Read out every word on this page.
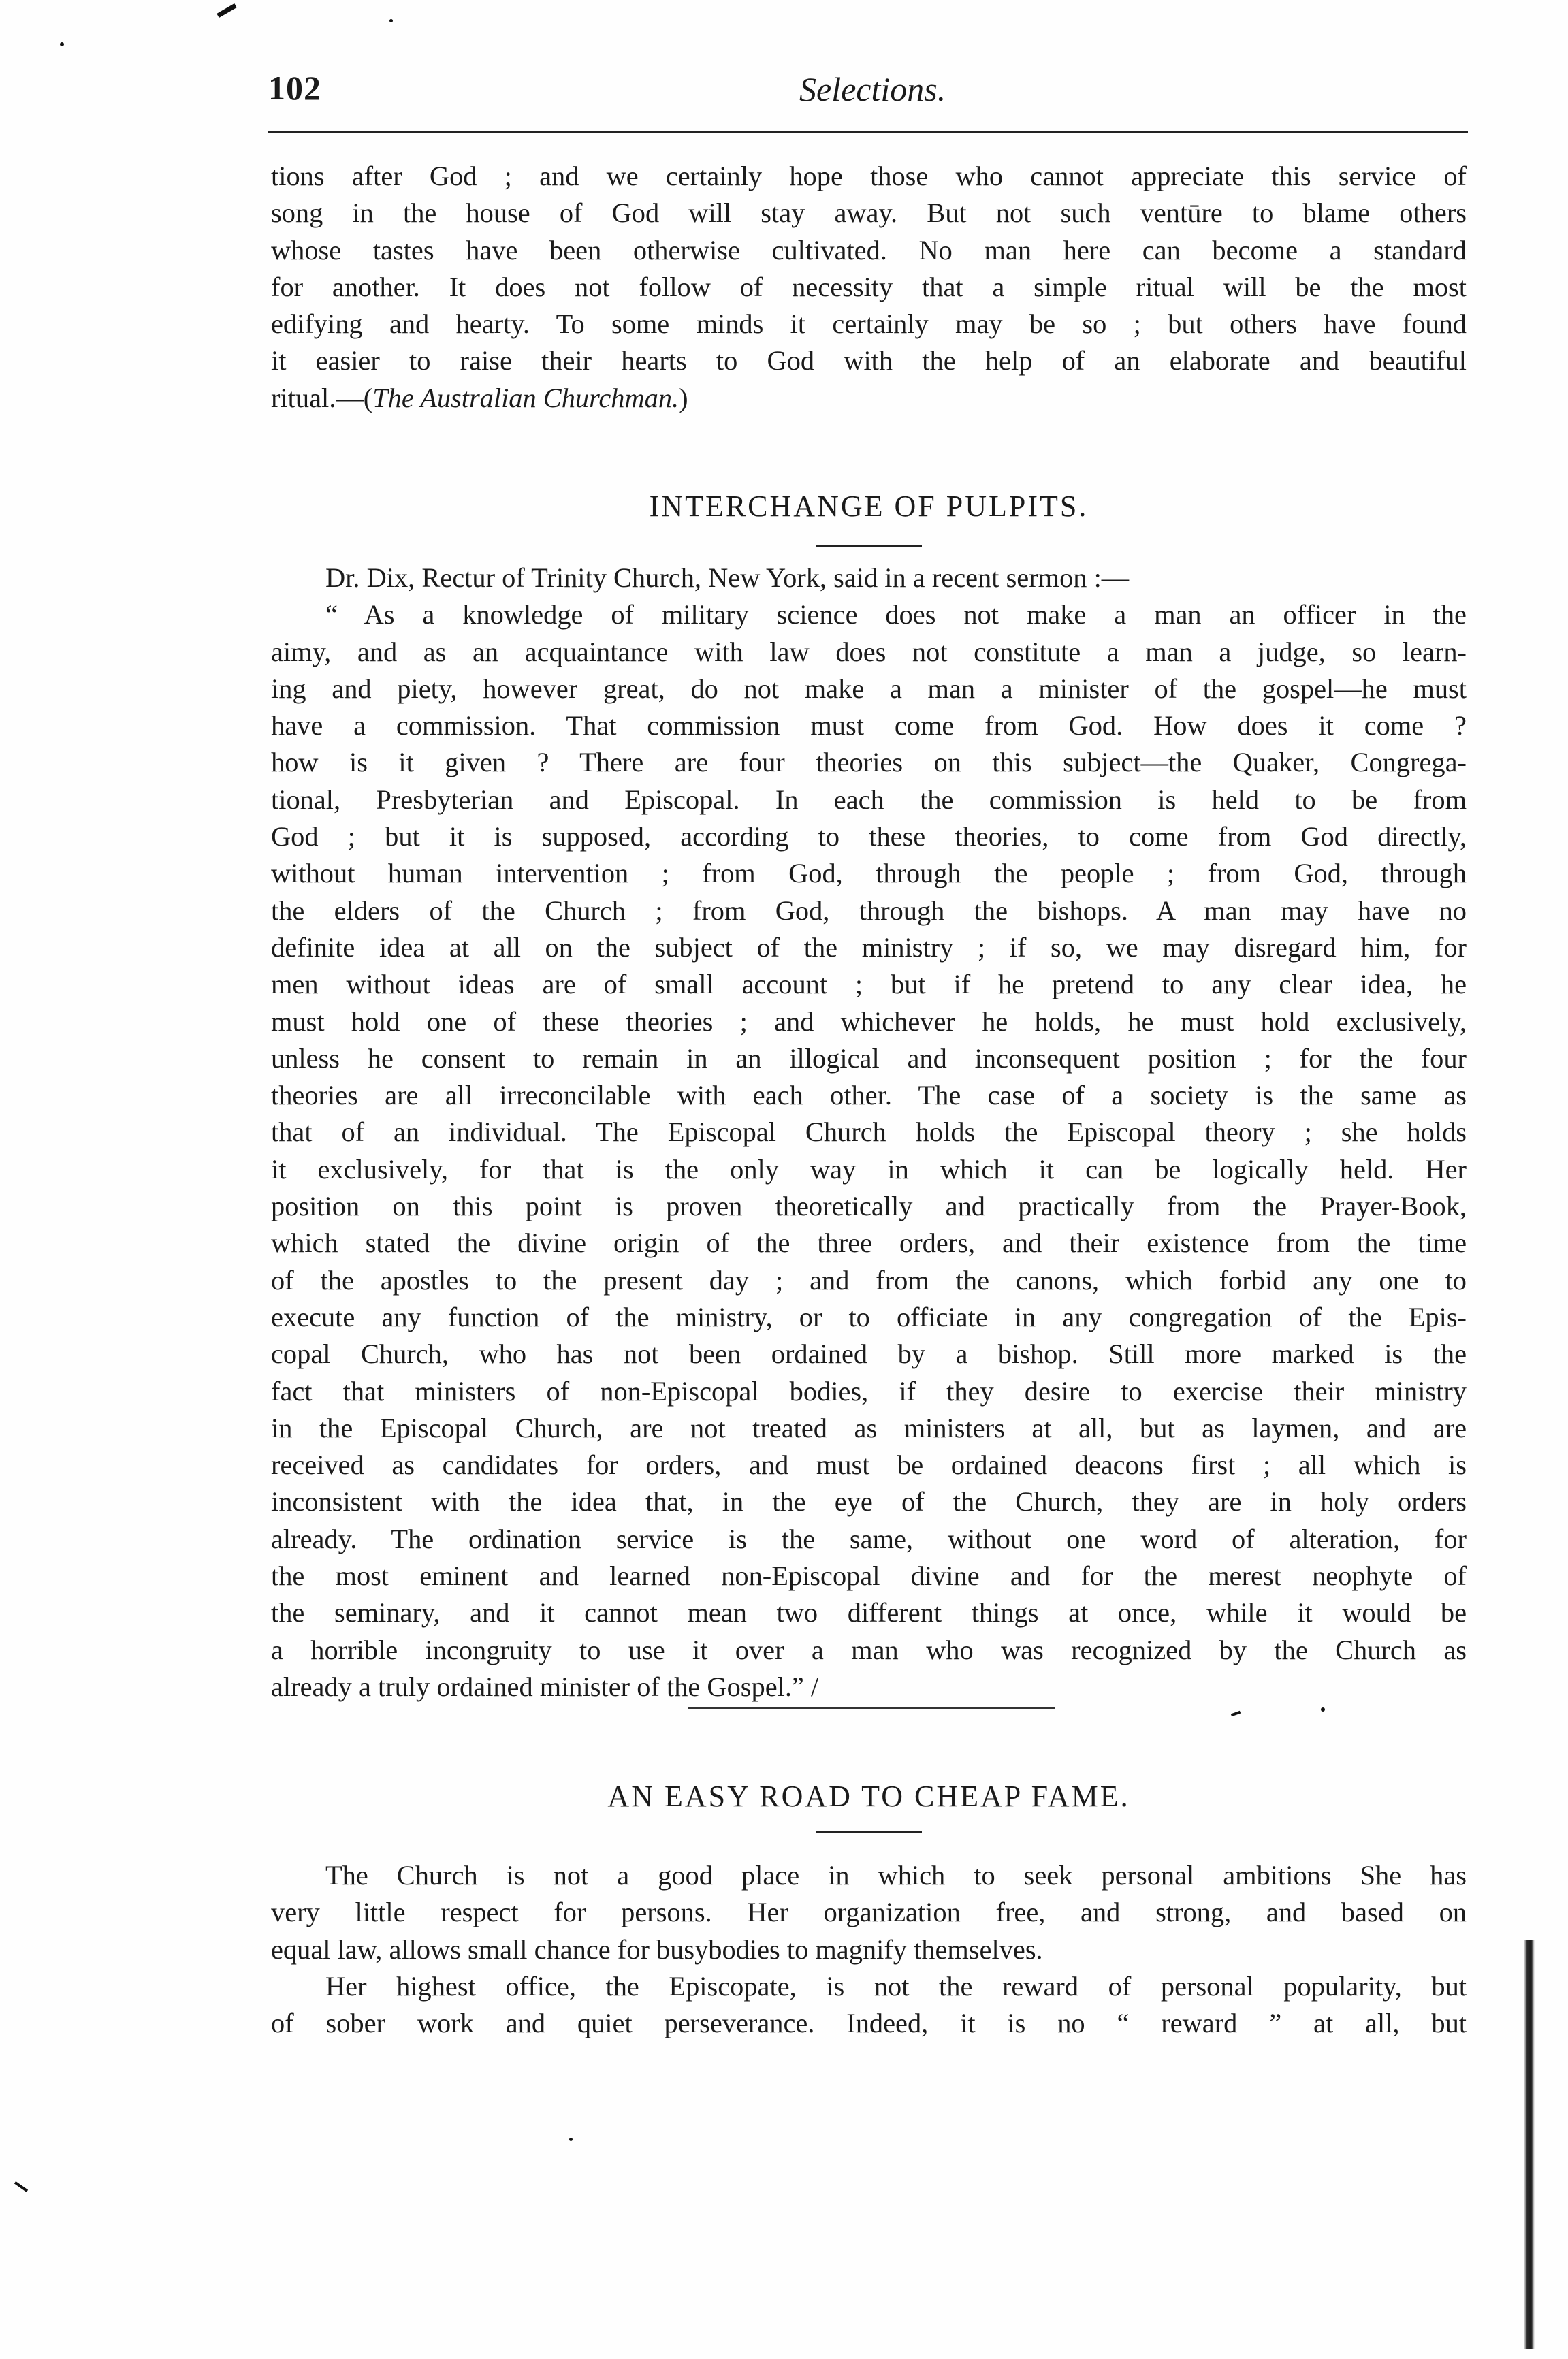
102	Selections.
tions after God ; and we certainly hope those who cannot appreciate this service of
song in the house of God will stay away. But not such ventūre to blame others
whose tastes have been otherwise cultivated. No man here can become a standard
for another. It does not follow of necessity that a simple ritual will be the most
edifying and hearty. To some minds it certainly may be so ; but others have found
it easier to raise their hearts to God with the help of an elaborate and beautiful
ritual.—(The Australian Churchman.)
INTERCHANGE OF PULPITS.
Dr. Dix, Rectur of Trinity Church, New York, said in a recent sermon :—
“ As a knowledge of military science does not make a man an officer in the
aimy, and as an acquaintance with law does not constitute a man a judge, so learn-
ing and piety, however great, do not make a man a minister of the gospel—he must
have a commission. That commission must come from God. How does it come ?
how is it given ? There are four theories on this subject—the Quaker, Congrega-
tional, Presbyterian and Episcopal. In each the commission is held to be from
God ; but it is supposed, according to these theories, to come from God directly,
without human intervention ; from God, through the people ; from God, through
the elders of the Church ; from God, through the bishops. A man may have no
definite idea at all on the subject of the ministry ; if so, we may disregard him, for
men without ideas are of small account ; but if he pretend to any clear idea, he
must hold one of these theories ; and whichever he holds, he must hold exclusively,
unless he consent to remain in an illogical and inconsequent position ; for the four
theories are all irreconcilable with each other. The case of a society is the same as
that of an individual. The Episcopal Church holds the Episcopal theory ; she holds
it exclusively, for that is the only way in which it can be logically held. Her
position on this point is proven theoretically and practically from the Prayer-Book,
which stated the divine origin of the three orders, and their existence from the time
of the apostles to the present day ; and from the canons, which forbid any one to
execute any function of the ministry, or to officiate in any congregation of the Epis-
copal Church, who has not been ordained by a bishop. Still more marked is the
fact that ministers of non-Episcopal bodies, if they desire to exercise their ministry
in the Episcopal Church, are not treated as ministers at all, but as laymen, and are
received as candidates for orders, and must be ordained deacons first ; all which is
inconsistent with the idea that, in the eye of the Church, they are in holy orders
already. The ordination service is the same, without one word of alteration, for
the most eminent and learned non-Episcopal divine and for the merest neophyte of
the seminary, and it cannot mean two different things at once, while it would be
a horrible incongruity to use it over a man who was recognized by the Church as
already a truly ordained minister of the Gospel.” /
AN EASY ROAD TO CHEAP FAME.
The Church is not a good place in which to seek personal ambitions She has
very little respect for persons. Her organization free, and strong, and based on
equal law, allows small chance for busybodies to magnify themselves.
Her highest office, the Episcopate, is not the reward of personal popularity, but
of sober work and quiet perseverance. Indeed, it is no “ reward ” at all, but
